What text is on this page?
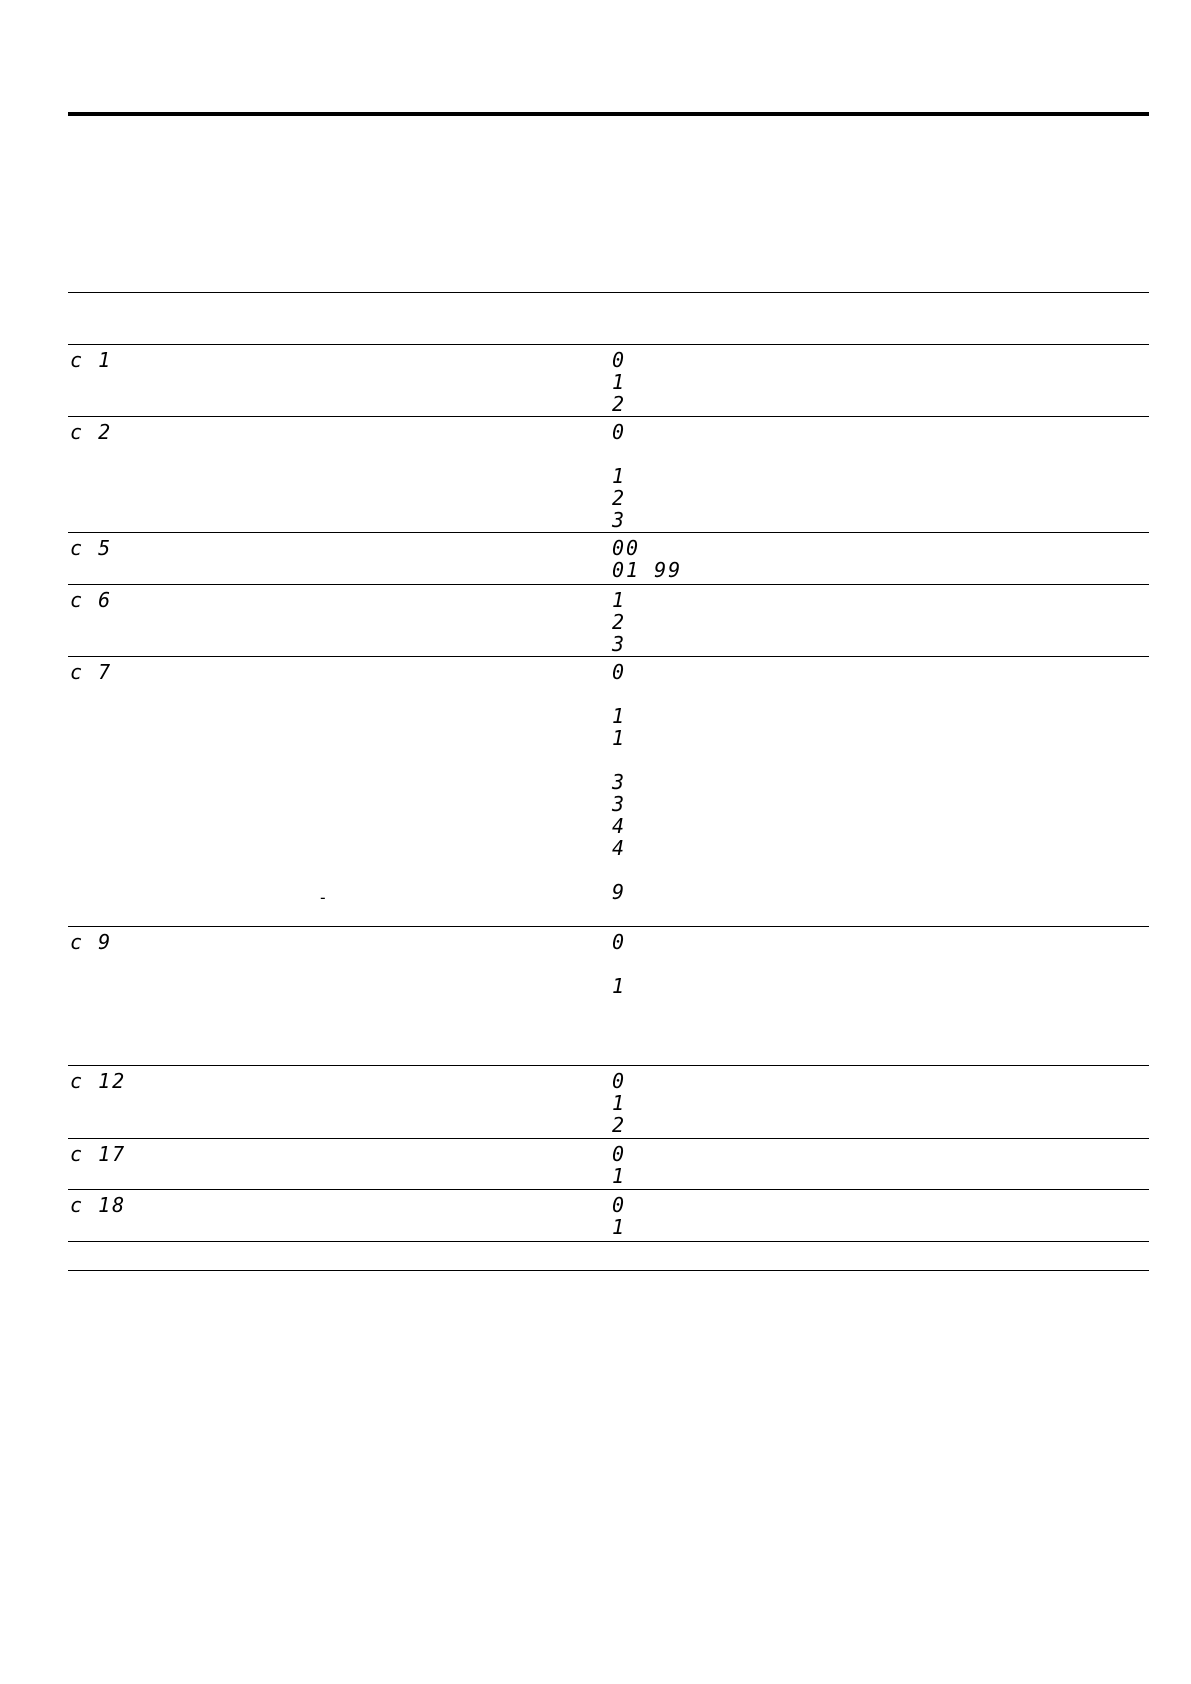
c 1	0
1
2
c 2	0
1
2
3
c 5	00
01 99
c 6	1
2
3
c 7	0
1
1
3
3
4
4
9
-
c 9	0
1
c 12	0
1
2
c 17	0
1
c 18	0
1
